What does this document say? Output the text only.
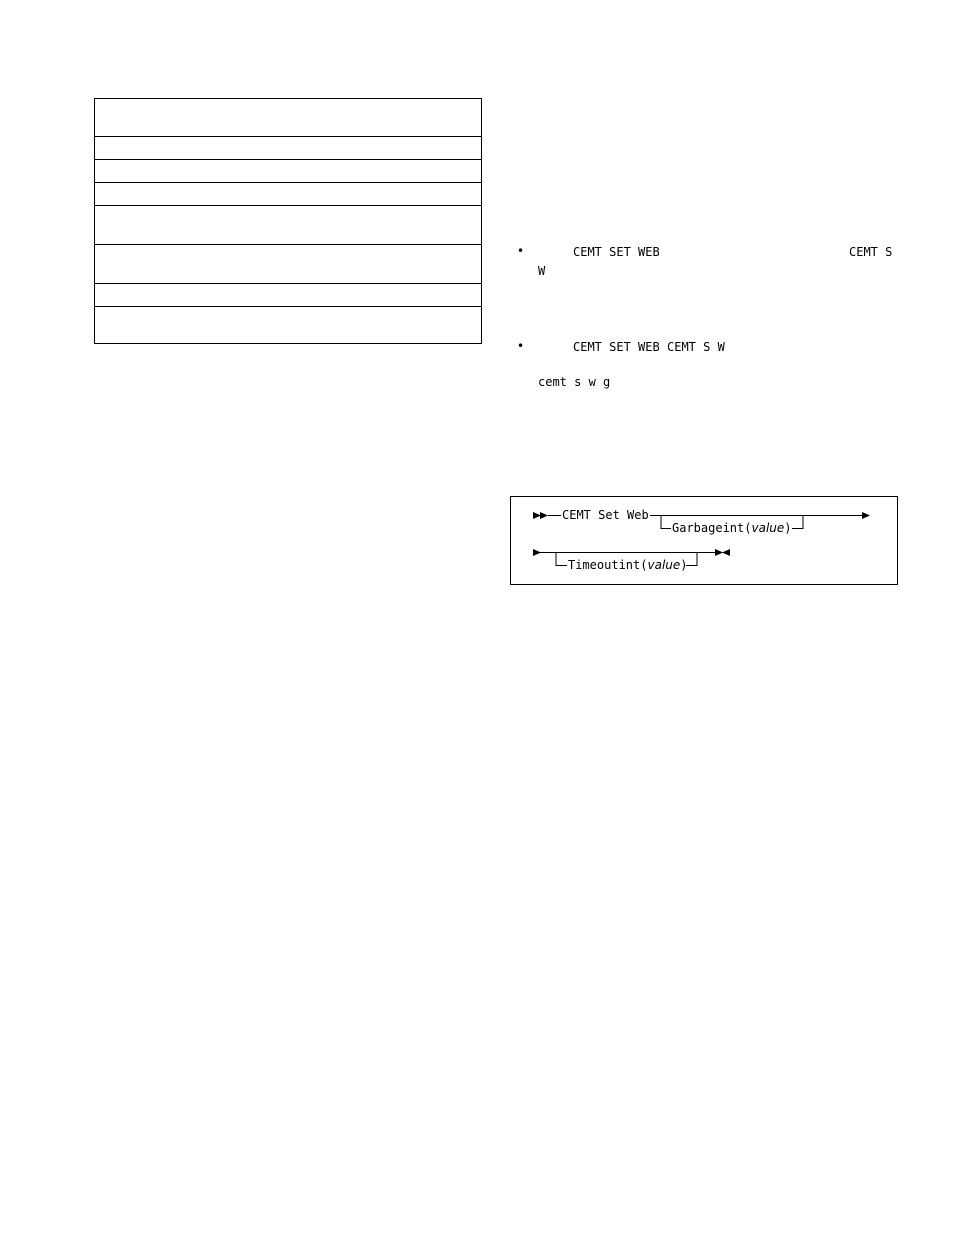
•	CEMT SET WEB	CEMT S
W
•	CEMT SET WEB CEMT S W
cemt s w g
CEMT Set Web
Garbageint(value)
Timeoutint(value)
